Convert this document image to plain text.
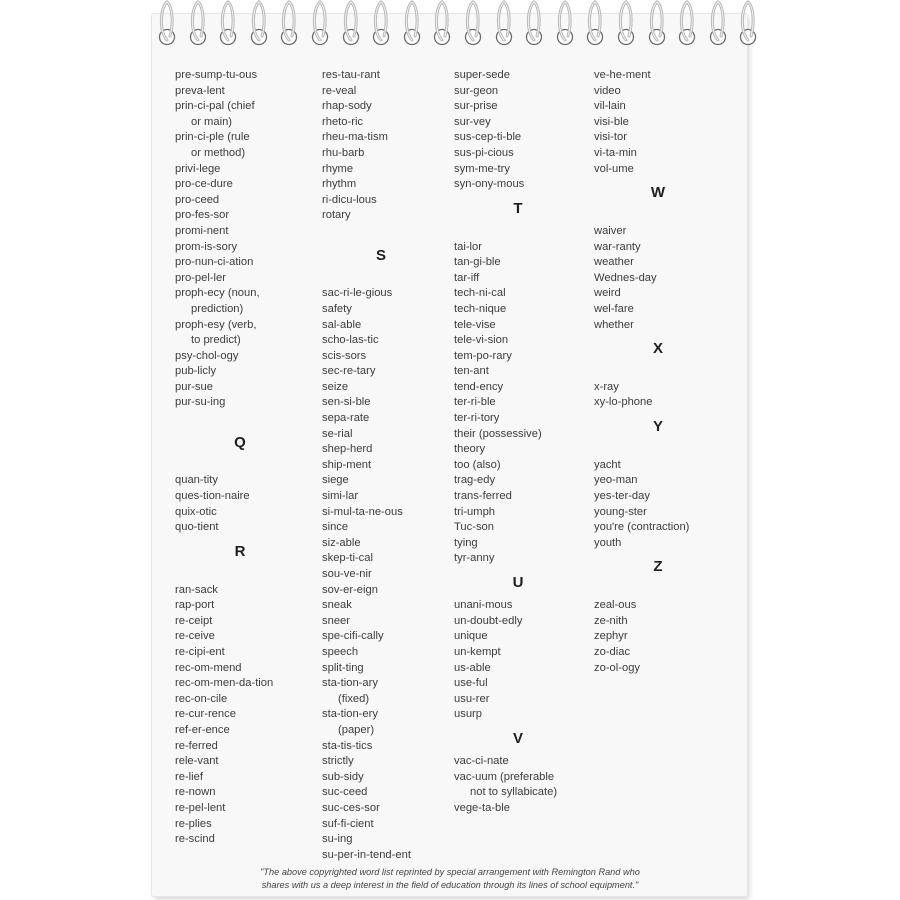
pre-sump-tu-ous
preva-lent
prin-ci-pal (chief
or main)
prin-ci-ple (rule
or method)
privi-lege
pro-ce-dure
pro-ceed
pro-fes-sor
promi-nent
prom-is-sory
pro-nun-ci-ation
pro-pel-ler
proph-ecy (noun,
prediction)
proph-esy (verb,
to predict)
psy-chol-ogy
pub-licly
pur-sue
pur-su-ing
Q
quan-tity
ques-tion-naire
quix-otic
quo-tient
R
ran-sack
rap-port
re-ceipt
re-ceive
re-cipi-ent
rec-om-mend
rec-om-men-da-tion
rec-on-cile
re-cur-rence
ref-er-ence
re-ferred
rele-vant
re-lief
re-nown
re-pel-lent
re-plies
re-scind
res-tau-rant
re-veal
rhap-sody
rheto-ric
rheu-ma-tism
rhu-barb
rhyme
rhythm
ri-dicu-lous
rotary
S
sac-ri-le-gious
safety
sal-able
scho-las-tic
scis-sors
sec-re-tary
seize
sen-si-ble
sepa-rate
se-rial
shep-herd
ship-ment
siege
simi-lar
si-mul-ta-ne-ous
since
siz-able
skep-ti-cal
sou-ve-nir
sov-er-eign
sneak
sneer
spe-cifi-cally
speech
split-ting
sta-tion-ary
(fixed)
sta-tion-ery
(paper)
sta-tis-tics
strictly
sub-sidy
suc-ceed
suc-ces-sor
suf-fi-cient
su-ing
su-per-in-tend-ent
super-sede
sur-geon
sur-prise
sur-vey
sus-cep-ti-ble
sus-pi-cious
sym-me-try
syn-ony-mous
T
tai-lor
tan-gi-ble
tar-iff
tech-ni-cal
tech-nique
tele-vise
tele-vi-sion
tem-po-rary
ten-ant
tend-ency
ter-ri-ble
ter-ri-tory
their (possessive)
theory
too (also)
trag-edy
trans-ferred
tri-umph
Tuc-son
tying
tyr-anny
U
unani-mous
un-doubt-edly
unique
un-kempt
us-able
use-ful
usu-rer
usurp
V
vac-ci-nate
vac-uum (preferable
not to syllabicate)
vege-ta-ble
ve-he-ment
video
vil-lain
visi-ble
visi-tor
vi-ta-min
vol-ume
W
waiver
war-ranty
weather
Wednes-day
weird
wel-fare
whether
X
x-ray
xy-lo-phone
Y
yacht
yeo-man
yes-ter-day
young-ster
you're (contraction)
youth
Z
zeal-ous
ze-nith
zephyr
zo-diac
zo-ol-ogy
"The above copyrighted word list reprinted by special arrangement with Remington Rand who
shares with us a deep interest in the field of education through its lines of school equipment."
